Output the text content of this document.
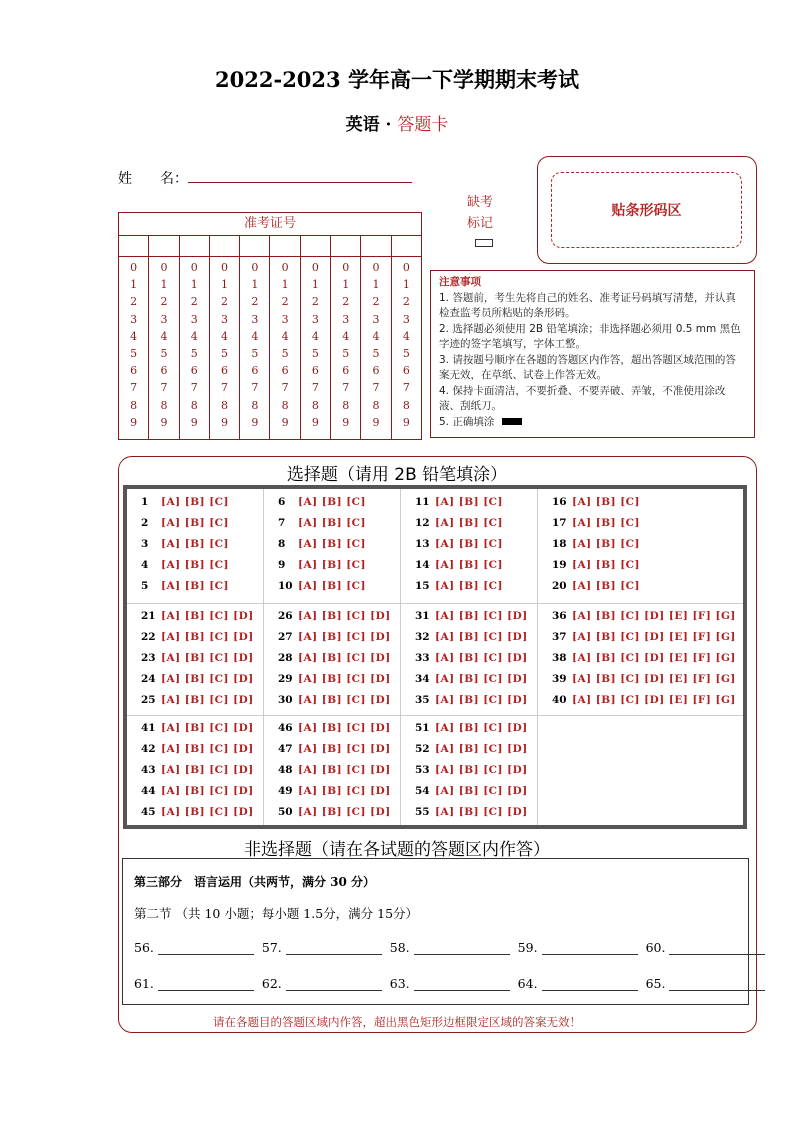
2022-2023 学年高一下学期期末考试
英语 · 答题卡
姓　　名：
准考证号
0
1
2
3
4
5
6
7
8
9
0
1
2
3
4
5
6
7
8
9
0
1
2
3
4
5
6
7
8
9
0
1
2
3
4
5
6
7
8
9
0
1
2
3
4
5
6
7
8
9
0
1
2
3
4
5
6
7
8
9
0
1
2
3
4
5
6
7
8
9
0
1
2
3
4
5
6
7
8
9
0
1
2
3
4
5
6
7
8
9
0
1
2
3
4
5
6
7
8
9
缺考
标记
贴条形码区
注意事项
1. 答题前，考生先将自己的姓名、准考证号码填写清楚，并认真检查监考员所粘贴的条形码。
2. 选择题必须使用 2B 铅笔填涂；非选择题必须用 0.5 mm 黑色字迹的签字笔填写，字体工整。
3. 请按题号顺序在各题的答题区内作答，超出答题区域范围的答案无效，在草纸、试卷上作答无效。
4. 保持卡面清洁，不要折叠、不要弄破、弄皱，不准使用涂改液、刮纸刀。
5. 正确填涂
选择题（请用 2B 铅笔填涂）
1 [A] [B] [C]
2 [A] [B] [C]
3 [A] [B] [C]
4 [A] [B] [C]
5 [A] [B] [C]
6 [A] [B] [C]
7 [A] [B] [C]
8 [A] [B] [C]
9 [A] [B] [C]
10 [A] [B] [C]
11 [A] [B] [C]
12 [A] [B] [C]
13 [A] [B] [C]
14 [A] [B] [C]
15 [A] [B] [C]
16 [A] [B] [C]
17 [A] [B] [C]
18 [A] [B] [C]
19 [A] [B] [C]
20 [A] [B] [C]
21 [A] [B] [C] [D]
22 [A] [B] [C] [D]
23 [A] [B] [C] [D]
24 [A] [B] [C] [D]
25 [A] [B] [C] [D]
26 [A] [B] [C] [D]
27 [A] [B] [C] [D]
28 [A] [B] [C] [D]
29 [A] [B] [C] [D]
30 [A] [B] [C] [D]
31 [A] [B] [C] [D]
32 [A] [B] [C] [D]
33 [A] [B] [C] [D]
34 [A] [B] [C] [D]
35 [A] [B] [C] [D]
36 [A] [B] [C] [D] [E] [F] [G]
37 [A] [B] [C] [D] [E] [F] [G]
38 [A] [B] [C] [D] [E] [F] [G]
39 [A] [B] [C] [D] [E] [F] [G]
40 [A] [B] [C] [D] [E] [F] [G]
41 [A] [B] [C] [D]
42 [A] [B] [C] [D]
43 [A] [B] [C] [D]
44 [A] [B] [C] [D]
45 [A] [B] [C] [D]
46 [A] [B] [C] [D]
47 [A] [B] [C] [D]
48 [A] [B] [C] [D]
49 [A] [B] [C] [D]
50 [A] [B] [C] [D]
51 [A] [B] [C] [D]
52 [A] [B] [C] [D]
53 [A] [B] [C] [D]
54 [A] [B] [C] [D]
55 [A] [B] [C] [D]
非选择题（请在各试题的答题区内作答）
第三部分　语言运用（共两节，满分 30 分）
第二节 （共 10 小题；每小题 1.5分，满分 15分）
56.	57.	58.	59.	60.
61.	62.	63.	64.	65.
请在各题目的答题区域内作答，超出黑色矩形边框限定区域的答案无效！
